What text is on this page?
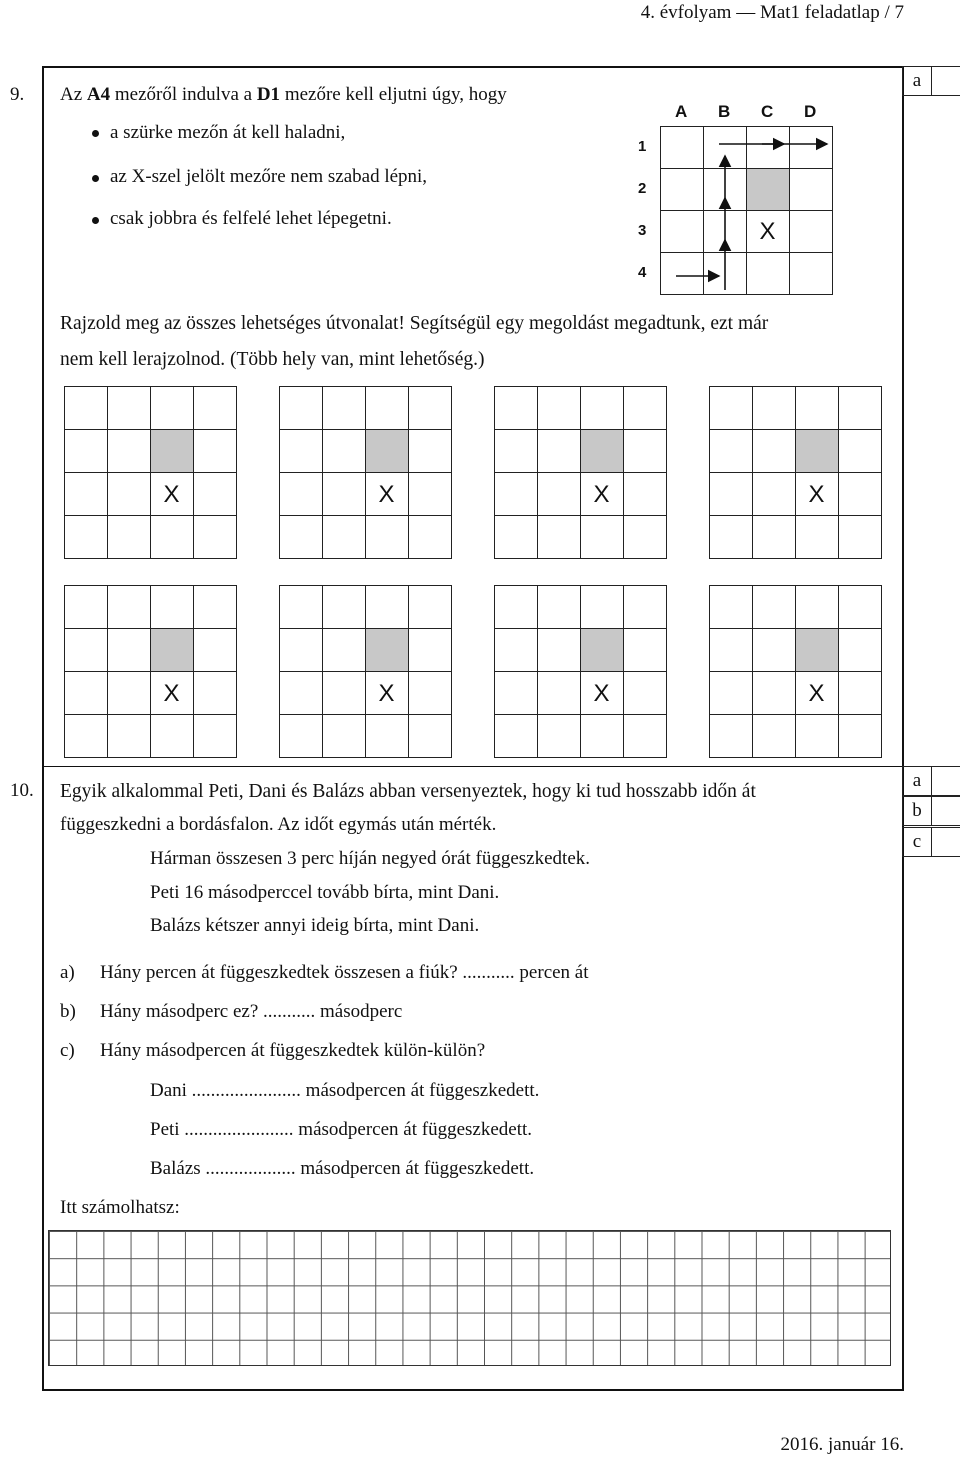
4. évfolyam — Mat1 feladatlap / 7
2016. január 16.
9. Az A4 mezőről indulva a D1 mezőre kell eljutni úgy, hogy
a szürke mezőn át kell haladni,
az X-szel jelölt mezőre nem szabad lépni,
csak jobbra és felfelé lehet lépegetni.
A B C D
1
2
3
4
X
a
Rajzold meg az összes lehetséges útvonalat! Segítségül egy megoldást megadtunk, ezt már
nem kell lerajzolnod. (Több hely van, mint lehetőség.)
X	X	X	X
X	X	X	X
10. Egyik alkalommal Peti, Dani és Balázs abban versenyeztek, hogy ki tud hosszabb időn át
függeszkedni a bordásfalon. Az időt egymás után mérték.
Hárman összesen 3 perc híján negyed órát függeszkedtek.
Peti 16 másodperccel tovább bírta, mint Dani.
Balázs kétszer annyi ideig bírta, mint Dani.
a) Hány percen át függeszkedtek összesen a fiúk? ........... percen át
b) Hány másodperc ez? ........... másodperc
c) Hány másodpercen át függeszkedtek külön-külön?
Dani ....................... másodpercen át függeszkedett.
Peti ....................... másodpercen át függeszkedett.
Balázs ................... másodpercen át függeszkedett.
Itt számolhatsz:
a
b
c
